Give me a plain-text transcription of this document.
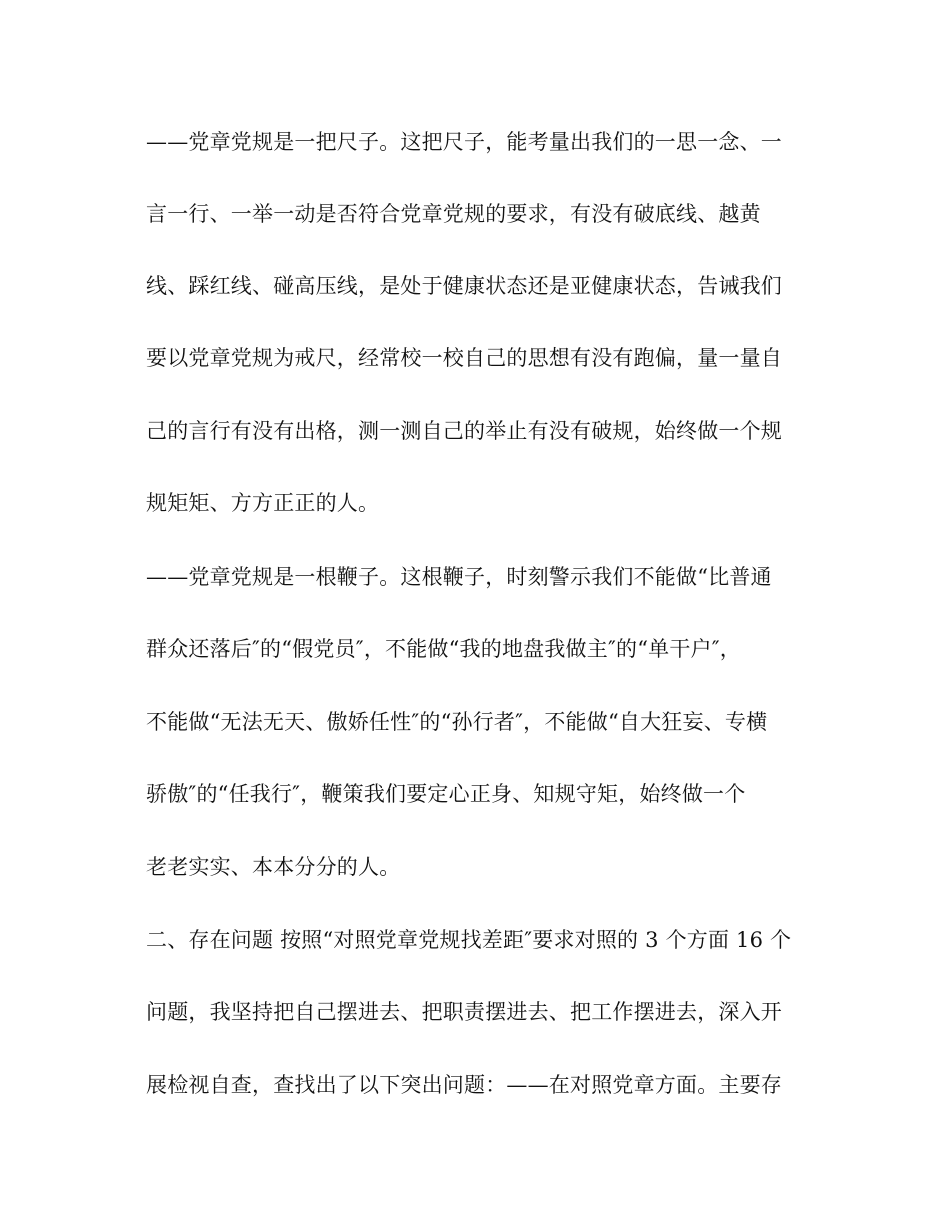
——党章党规是一把尺子。这把尺子，能考量出我们的一思一念、一
言一行、一举一动是否符合党章党规的要求，有没有破底线、越黄
线、踩红线、碰高压线，是处于健康状态还是亚健康状态，告诫我们
要以党章党规为戒尺，经常校一校自己的思想有没有跑偏，量一量自
己的言行有没有出格，测一测自己的举止有没有破规，始终做一个规
规矩矩、方方正正的人。
——党章党规是一根鞭子。这根鞭子，时刻警示我们不能做“比普通
群众还落后″的“假党员″，不能做“我的地盘我做主″的“单干户″，
不能做“无法无天、傲娇任性″的“孙行者″，不能做“自大狂妄、专横
骄傲″的“任我行″，鞭策我们要定心正身、知规守矩，始终做一个
老老实实、本本分分的人。
二、存在问题 按照“对照党章党规找差距″要求对照的 3 个方面 16 个
问题，我坚持把自己摆进去、把职责摆进去、把工作摆进去，深入开
展检视自查，查找出了以下突出问题：——在对照党章方面。主要存
